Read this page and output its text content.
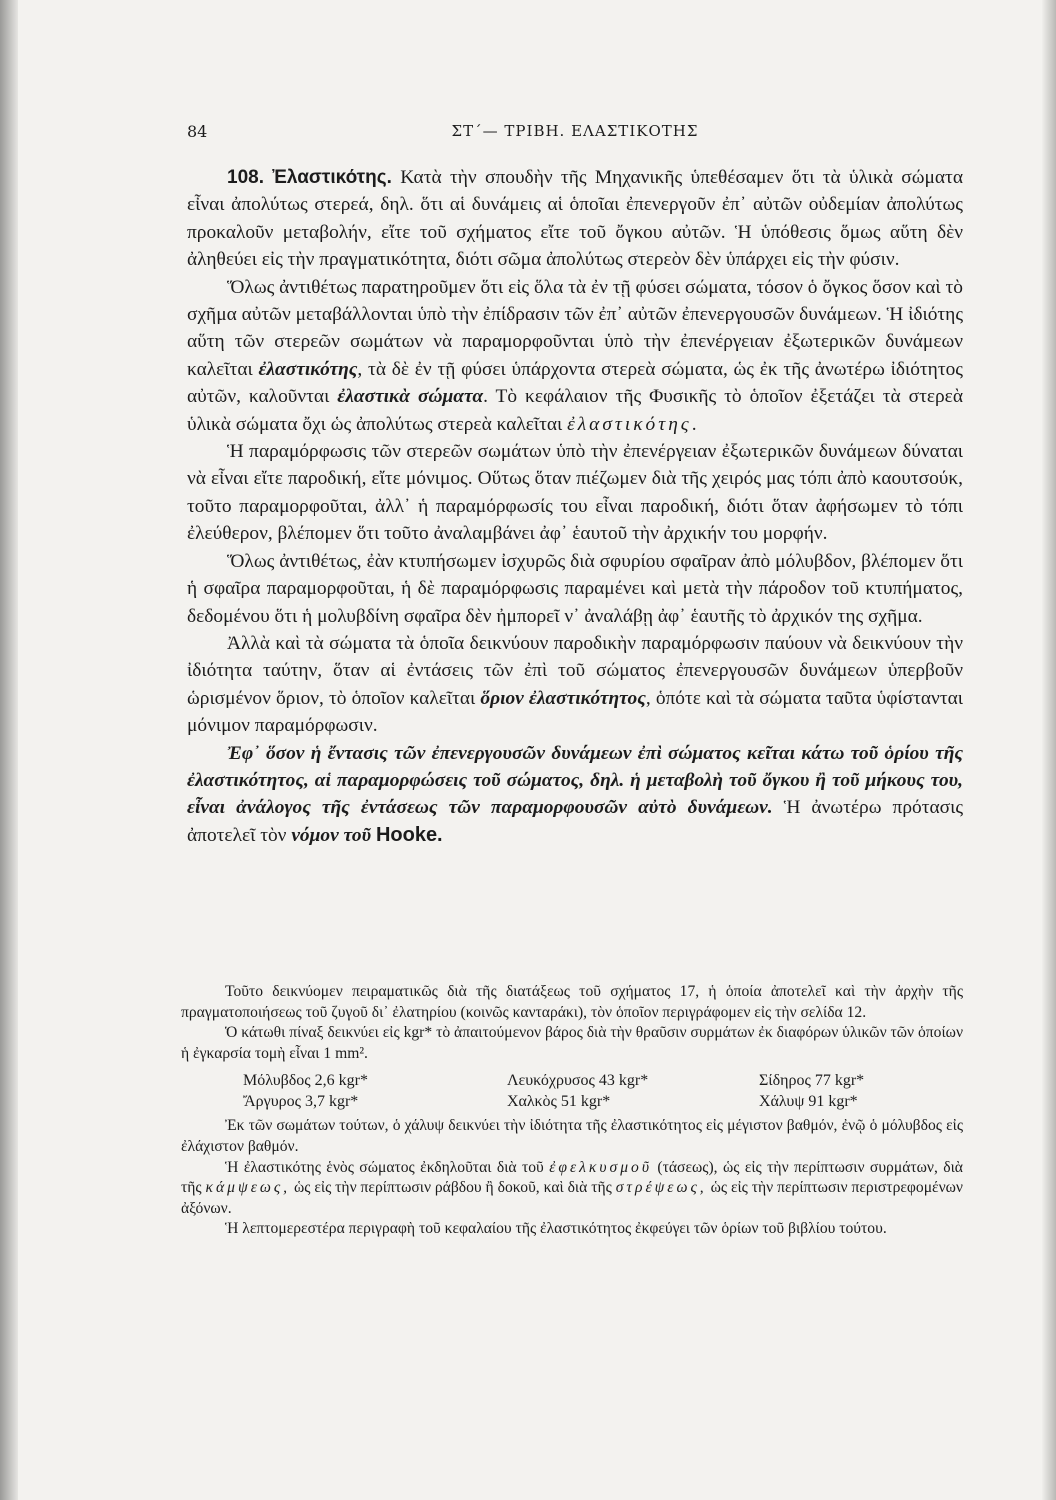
84	ΣΤ΄— ΤΡΙΒΗ. ΕΛΑΣΤΙΚΟΤΗΣ

108. Ἐλαστικότης. Κατὰ τὴν σπουδὴν τῆς Μηχανικῆς ὑπεθέσαμεν ὅτι τὰ ὑλικὰ σώματα εἶναι ἀπολύτως στερεά, δηλ. ὅτι αἱ δυνάμεις αἱ ὁποῖαι ἐπενεργοῦν ἐπ᾿ αὐτῶν οὐδεμίαν ἀπολύτως προκαλοῦν μεταβολήν, εἴτε τοῦ σχήματος εἴτε τοῦ ὄγκου αὐτῶν. Ἡ ὑπόθεσις ὅμως αὕτη δὲν ἀληθεύει εἰς τὴν πραγματικότητα, διότι σῶμα ἀπολύτως στερεὸν δὲν ὑπάρχει εἰς τὴν φύσιν.

Ὅλως ἀντιθέτως παρατηροῦμεν ὅτι εἰς ὅλα τὰ ἐν τῇ φύσει σώματα, τόσον ὁ ὄγκος ὅσον καὶ τὸ σχῆμα αὐτῶν μεταβάλλονται ὑπὸ τὴν ἐπίδρασιν τῶν ἐπ᾿ αὐτῶν ἐπενεργουσῶν δυνάμεων. Ἡ ἰδιότης αὕτη τῶν στερεῶν σωμάτων νὰ παραμορφοῦνται ὑπὸ τὴν ἐπενέργειαν ἐξωτερικῶν δυνάμεων καλεῖται ἐλαστικότης, τὰ δὲ ἐν τῇ φύσει ὑπάρχοντα στερεὰ σώματα, ὡς ἐκ τῆς ἀνωτέρω ἰδιότητος αὐτῶν, καλοῦνται ἐλαστικὰ σώματα. Τὸ κεφάλαιον τῆς Φυσικῆς τὸ ὁποῖον ἐξετάζει τὰ στερεὰ ὑλικὰ σώματα ὄχι ὡς ἀπολύτως στερεὰ καλεῖται ἐλαστικότης.

Ἡ παραμόρφωσις τῶν στερεῶν σωμάτων ὑπὸ τὴν ἐπενέργειαν ἐξωτερικῶν δυνάμεων δύναται νὰ εἶναι εἴτε παροδική, εἴτε μόνιμος. Οὕτως ὅταν πιέζωμεν διὰ τῆς χειρός μας τόπι ἀπὸ καουτσούκ, τοῦτο παραμορφοῦται, ἀλλ᾿ ἡ παραμόρφωσίς του εἶναι παροδική, διότι ὅταν ἀφήσωμεν τὸ τόπι ἐλεύθερον, βλέπομεν ὅτι τοῦτο ἀναλαμβάνει ἀφ᾿ ἑαυτοῦ τὴν ἀρχικήν του μορφήν.

Ὅλως ἀντιθέτως, ἐὰν κτυπήσωμεν ἰσχυρῶς διὰ σφυρίου σφαῖραν ἀπὸ μόλυβδον, βλέπομεν ὅτι ἡ σφαῖρα παραμορφοῦται, ἡ δὲ παραμόρφωσις παραμένει καὶ μετὰ τὴν πάροδον τοῦ κτυπήματος, δεδομένου ὅτι ἡ μολυβδίνη σφαῖρα δὲν ἠμπορεῖ ν᾿ ἀναλάβῃ ἀφ᾿ ἑαυτῆς τὸ ἀρχικόν της σχῆμα.

Ἀλλὰ καὶ τὰ σώματα τὰ ὁποῖα δεικνύουν παροδικὴν παραμόρφωσιν παύουν νὰ δεικνύουν τὴν ἰδιότητα ταύτην, ὅταν αἱ ἐντάσεις τῶν ἐπὶ τοῦ σώματος ἐπενεργουσῶν δυνάμεων ὑπερβοῦν ὡρισμένον ὅριον, τὸ ὁποῖον καλεῖται ὅριον ἐλαστικότητος, ὁπότε καὶ τὰ σώματα ταῦτα ὑφίστανται μόνιμον παραμόρφωσιν.

Ἐφ᾿ ὅσον ἡ ἔντασις τῶν ἐπενεργουσῶν δυνάμεων ἐπὶ σώματος κεῖται κάτω τοῦ ὁρίου τῆς ἐλαστικότητος, αἱ παραμορφώσεις τοῦ σώματος, δηλ. ἡ μεταβολὴ τοῦ ὄγκου ἢ τοῦ μήκους του, εἶναι ἀνάλογος τῆς ἐντάσεως τῶν παραμορφουσῶν αὐτὸ δυνάμεων. Ἡ ἀνωτέρω πρότασις ἀποτελεῖ τὸν νόμον τοῦ Hooke.

Τοῦτο δεικνύομεν πειραματικῶς διὰ τῆς διατάξεως τοῦ σχήματος 17, ἡ ὁποία ἀποτελεῖ καὶ τὴν ἀρχὴν τῆς πραγματοποιήσεως τοῦ ζυγοῦ δι᾿ ἐλατηρίου (κοινῶς κανταράκι), τὸν ὁποῖον περιγράφομεν εἰς τὴν σελίδα 12.

Ὁ κάτωθι πίναξ δεικνύει εἰς kgr* τὸ ἀπαιτούμενον βάρος διὰ τὴν θραῦσιν συρμάτων ἐκ διαφόρων ὑλικῶν τῶν ὁποίων ἡ ἐγκαρσία τομὴ εἶναι 1 mm².

Μόλυβδος 2,6 kgr*	Λευκόχρυσος 43 kgr*	Σίδηρος 77 kgr*
Ἄργυρος 3,7 kgr*	Χαλκὸς 51 kgr*	Χάλυψ 91 kgr*

Ἐκ τῶν σωμάτων τούτων, ὁ χάλυψ δεικνύει τὴν ἰδιότητα τῆς ἐλαστικότητος εἰς μέγιστον βαθμόν, ἐνῷ ὁ μόλυβδος εἰς ἐλάχιστον βαθμόν.

Ἡ ἐλαστικότης ἑνὸς σώματος ἐκδηλοῦται διὰ τοῦ ἐφελκυσμοῦ (τάσεως), ὡς εἰς τὴν περίπτωσιν συρμάτων, διὰ τῆς κάμψεως, ὡς εἰς τὴν περίπτωσιν ράβδου ἢ δοκοῦ, καὶ διὰ τῆς στρέψεως, ὡς εἰς τὴν περίπτωσιν περιστρεφομένων ἀξόνων.

Ἡ λεπτομερεστέρα περιγραφὴ τοῦ κεφαλαίου τῆς ἐλαστικότητος ἐκφεύγει τῶν ὁρίων τοῦ βιβλίου τούτου.
